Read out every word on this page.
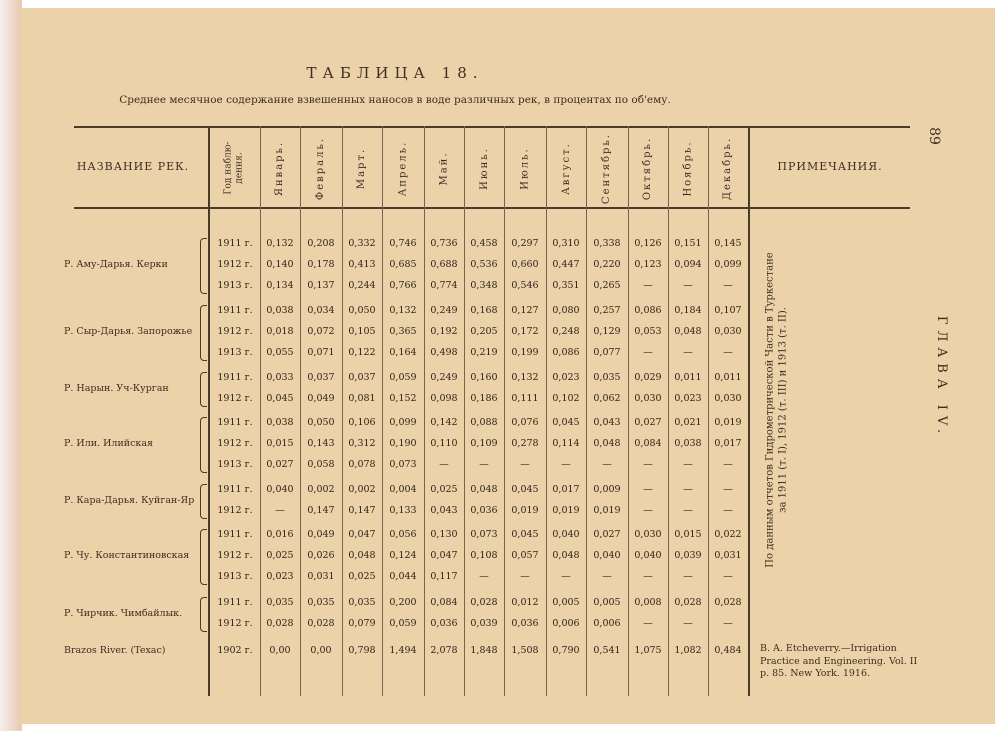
ТАБЛИЦА 18.
Среднее месячное содержание взвешенных наносов в воде различных рек, в процентах по об'ему.
89
ГЛАВА IV.
НАЗВАНИЕ РЕК.	ПРИМЕЧАНИЯ.
Год наблю- дения.	Январь.	Февраль.	Март.	Апрель.	Май.	Июнь.	Июль.	Август.	Сентябрь.	Октябрь.	Ноябрь.	Декабрь.
Р. Аму-Дарья. Керки
1911 г.	0,132	0,208	0,332	0,746	0,736	0,458	0,297	0,310	0,338	0,126	0,151	0,145
1912 г.	0,140	0,178	0,413	0,685	0,688	0,536	0,660	0,447	0,220	0,123	0,094	0,099
1913 г.	0,134	0,137	0,244	0,766	0,774	0,348	0,546	0,351	0,265	—	—	—
Р. Сыр-Дарья. Запорожье
1911 г.	0,038	0,034	0,050	0,132	0,249	0,168	0,127	0,080	0,257	0,086	0,184	0,107
1912 г.	0,018	0,072	0,105	0,365	0,192	0,205	0,172	0,248	0,129	0,053	0,048	0,030
1913 г.	0,055	0,071	0,122	0,164	0,498	0,219	0,199	0,086	0,077	—	—	—
Р. Нарын. Уч-Курган
1911 г.	0,033	0,037	0,037	0,059	0,249	0,160	0,132	0,023	0,035	0,029	0,011	0,011
1912 г.	0,045	0,049	0,081	0,152	0,098	0,186	0,111	0,102	0,062	0,030	0,023	0,030
Р. Или. Илийская
1911 г.	0,038	0,050	0,106	0,099	0,142	0,088	0,076	0,045	0,043	0,027	0,021	0,019
1912 г.	0,015	0,143	0,312	0,190	0,110	0,109	0,278	0,114	0,048	0,084	0,038	0,017
1913 г.	0,027	0,058	0,078	0,073	—	—	—	—	—	—	—	—
Р. Кара-Дарья. Куйган-Яр
1911 г.	0,040	0,002	0,002	0,004	0,025	0,048	0,045	0,017	0,009	—	—	—
1912 г.	—	0,147	0,147	0,133	0,043	0,036	0,019	0,019	0,019	—	—	—
Р. Чу. Константиновская
1911 г.	0,016	0,049	0,047	0,056	0,130	0,073	0,045	0,040	0,027	0,030	0,015	0,022
1912 г.	0,025	0,026	0,048	0,124	0,047	0,108	0,057	0,048	0,040	0,040	0,039	0,031
1913 г.	0,023	0,031	0,025	0,044	0,117	—	—	—	—	—	—	—
Р. Чирчик. Чимбайлык.
1911 г.	0,035	0,035	0,035	0,200	0,084	0,028	0,012	0,005	0,005	0,008	0,028	0,028
1912 г.	0,028	0,028	0,079	0,059	0,036	0,039	0,036	0,006	0,006	—	—	—
Brazos River. (Texac)	1902 г.	0,00	0,00	0,798	1,494	2,078	1,848	1,508	0,790	0,541	1,075	1,082	0,484
По данным отчетов Гидрометрической Части в Туркестане за 1911 (т. I), 1912 (т. III) и 1913 (т. II).
B. A. Etcheverry.—Irrigation
Practice and Engineering. Vol. II
p. 85. New York. 1916.
